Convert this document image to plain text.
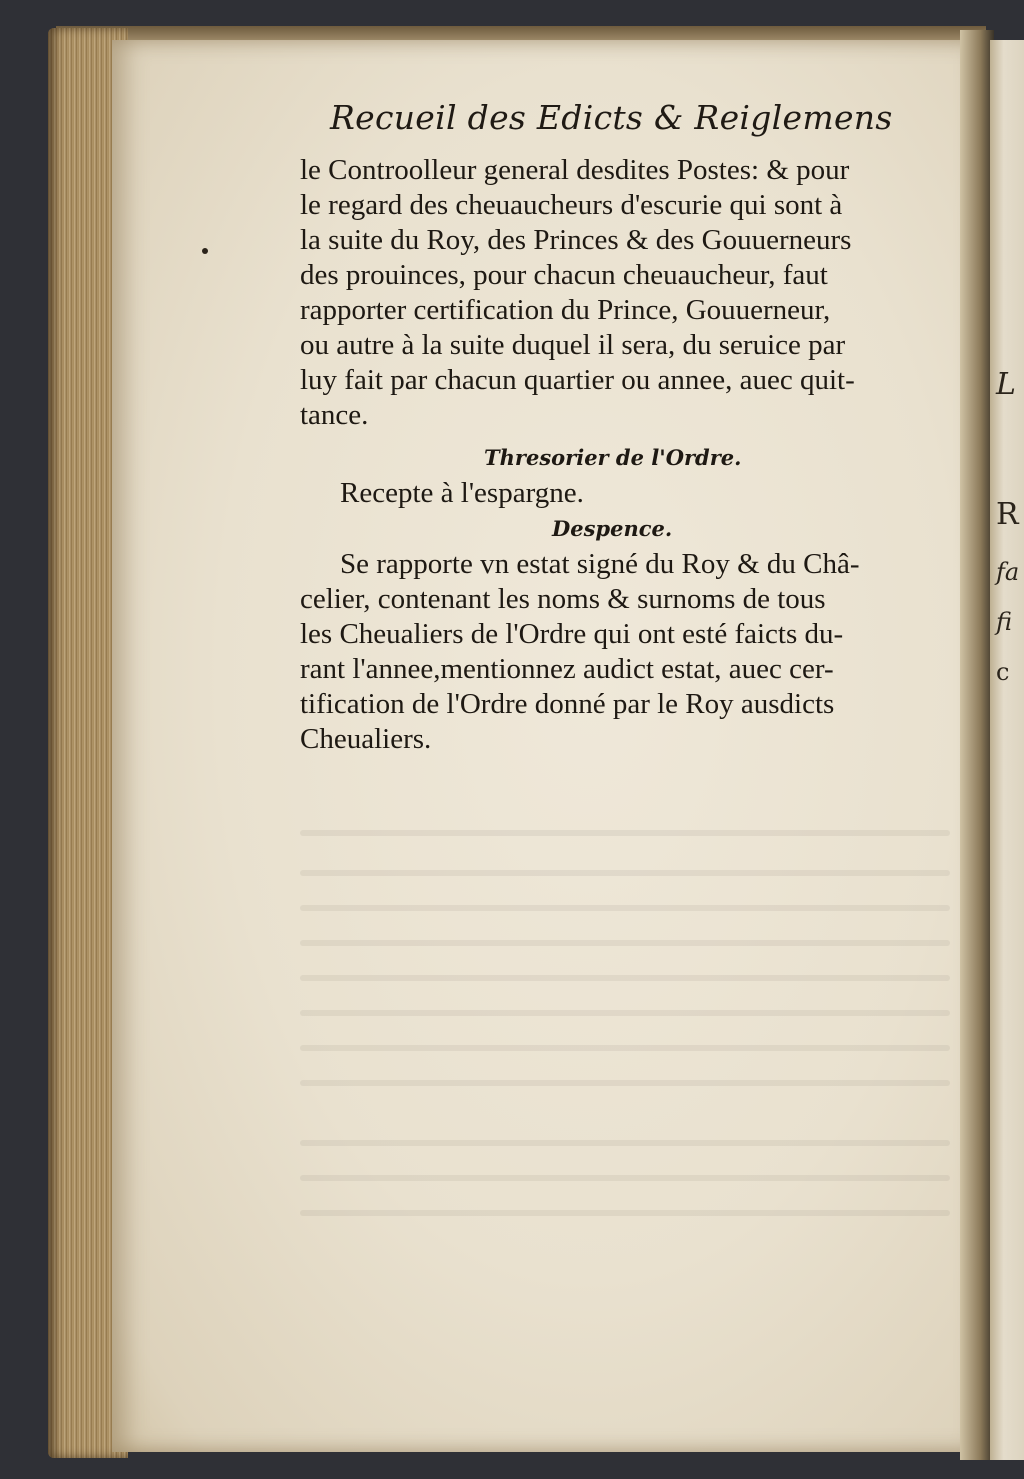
L
R
fa
fi
c
Recueil des Edicts & Reiglemens
le Controolleur general desdites Postes: & pour
le regard des cheuaucheurs d'escurie qui sont à
la suite du Roy, des Princes & des Gouuerneurs
des prouinces, pour chacun cheuaucheur, faut
rapporter certification du Prince, Gouuerneur,
ou autre à la suite duquel il sera, du seruice par
luy fait par chacun quartier ou annee, auec quit-
tance.
Thresorier de l'Ordre.
Recepte à l'espargne.
Despence.
Se rapporte vn estat signé du Roy & du Châ-
celier, contenant les noms & surnoms de tous
les Cheualiers de l'Ordre qui ont esté faicts du-
rant l'annee,mentionnez audict estat, auec cer-
tification de l'Ordre donné par le Roy ausdicts
Cheualiers.
